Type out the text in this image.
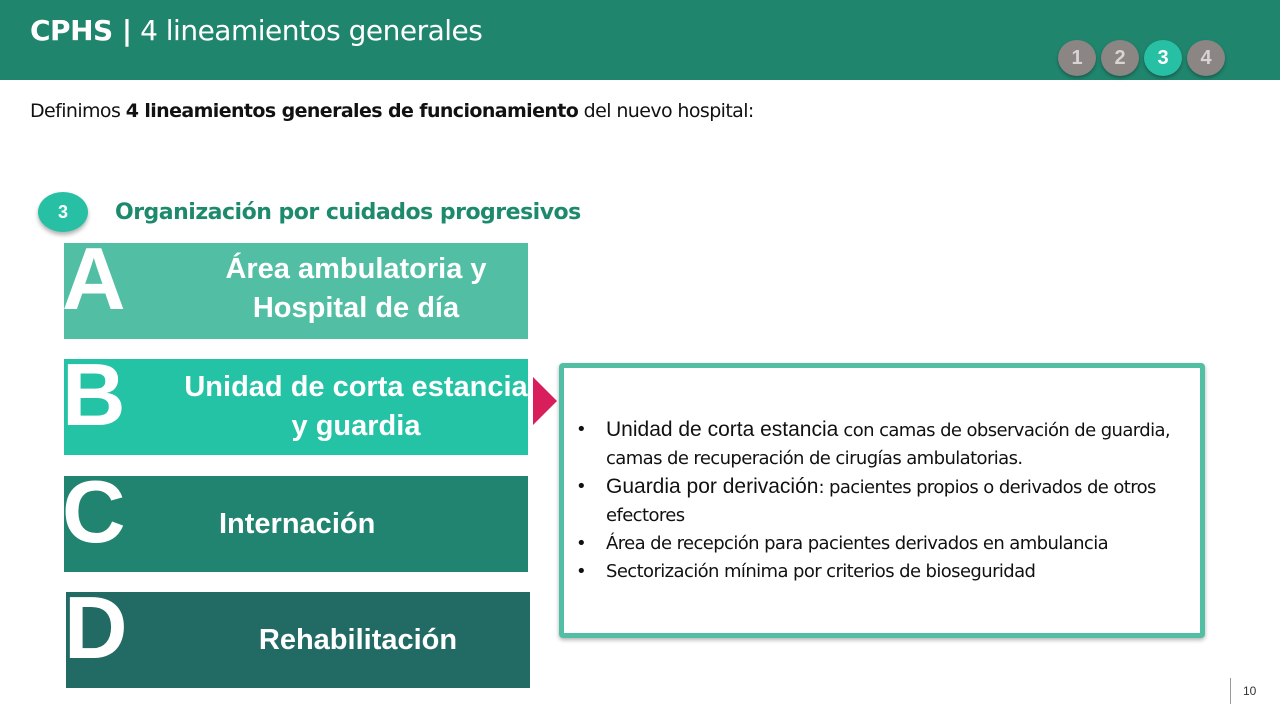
CPHS | 4 lineamientos generales
1	2	3	4
Definimos 4 lineamientos generales de funcionamiento del nuevo hospital:
3	Organización por cuidados progresivos
A	Área ambulatoria y Hospital de día
B Unidad de corta estancia y guardia
C	Internación
D	Rehabilitación
• Unidad de corta estancia con camas de observación de guardia, camas de recuperación de cirugías ambulatorias.
• Guardia por derivación: pacientes propios o derivados de otros efectores
• Área de recepción para pacientes derivados en ambulancia
• Sectorización mínima por criterios de bioseguridad
10
